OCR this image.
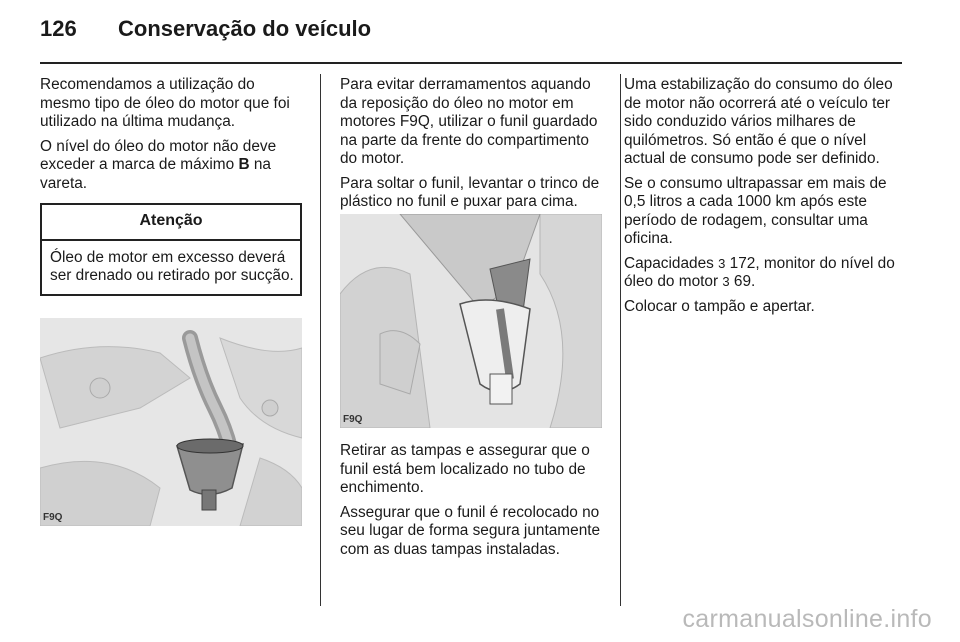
126	Conservação do veículo

Recomendamos a utilização do mesmo tipo de óleo do motor que foi utilizado na última mudança.

O nível do óleo do motor não deve exceder a marca de máximo B na vareta.

Atenção
Óleo de motor em excesso deverá ser drenado ou retirado por sucção.
F9Q

Para evitar derramamentos aquando da reposição do óleo no motor em motores F9Q, utilizar o funil guardado na parte da frente do compartimento do motor.

Para soltar o funil, levantar o trinco de plástico no funil e puxar para cima.

F9Q

Retirar as tampas e assegurar que o funil está bem localizado no tubo de enchimento.

Assegurar que o funil é recolocado no seu lugar de forma segura juntamente com as duas tampas instaladas.

Uma estabilização do consumo do óleo de motor não ocorrerá até o veículo ter sido conduzido vários milhares de quilómetros. Só então é que o nível actual de consumo pode ser definido.

Se o consumo ultrapassar em mais de 0,5 litros a cada 1000 km após este período de rodagem, consultar uma oficina.

Capacidades 3 172, monitor do nível do óleo do motor 3 69.

Colocar o tampão e apertar.

carmanualsonline.info
